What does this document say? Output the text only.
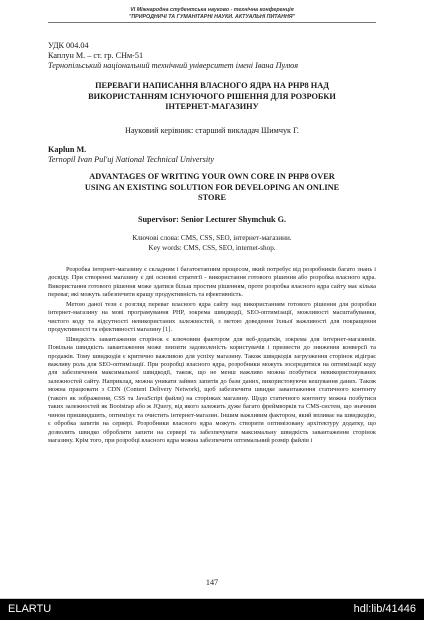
VI Міжнародна студентська науково - технічна конференція
"ПРИРОДНИЧІ ТА ГУМАНІТАРНІ НАУКИ. АКТУАЛЬНІ ПИТАННЯ"
УДК 004.04
Каплун М. – ст. гр. СНм-51
Тернопільський національний технічний університет імені Івана Пулюя
ПЕРЕВАГИ НАПИСАННЯ ВЛАСНОГО ЯДРА НА PHP8 НАД
ВИКОРИСТАННЯМ ІСНУЮЧОГО РІШЕННЯ ДЛЯ РОЗРОБКИ
ІНТЕРНЕТ-МАГАЗИНУ
Науковий керівник: старший викладач Шимчук Г.
Kaplun M.
Ternopil Ivan Pul'uj National Technical University
ADVANTAGES OF WRITING YOUR OWN CORE IN PHP8 OVER
USING AN EXISTING SOLUTION FOR DEVELOPING AN ONLINE
STORE
Supervisor: Senior Lecturer Shymchuk G.
Ключові слова: CMS, CSS, SEO, інтернет-магазини.
Key words: CMS, CSS, SEO, internet-shop.

Розробка інтернет-магазину є складним і багатоетапним процесом, який потребує від розробників багато знань і досвіду. При створенні магазину є дві основні стратегії - використання готового рішення або розробка власного ядра. Використання готового рішення може здатися більш простим рішенням, проте розробка власного ядра сайту має кілька переваг, які можуть забезпечити кращу продуктивність та ефективність.

Метою даної тези є розгляд переваг власного ядра сайту над використанням готового рішення для розробки інтернет-магазину на мові програмування PHP, зокрема швидкодії, SEO-оптимізації, можливості масштабування, чистого коду та відсутності невикористаних залежностей, з метою доведення їхньої важливості для покращення продуктивності та ефективності магазину [1].

Швидкість завантаження сторінок є ключовим фактором для веб-додатків, зокрема для інтернет-магазинів. Повільна швидкість завантаження може знизити задоволеність користувачів і призвести до зниження конверсії та продажів. Тому швидкодія є критично важливою для успіху магазину. Також швидкодія загрузження сторінок відіграє важливу роль для SEO-оптимізації. При розробці власного ядра, розробники можуть зосередитися на оптимізації коду для забезпечення максимальної швидкодії, також, що не менш важливо можна позбутися невикористовуваних залежностей сайту. Наприклад, можна уникати зайвих запитів до бази даних, використовуючи кешування даних. Також можна працювати з CDN (Content Delivery Network), щоб забезпечити швидке завантаження статичного контенту (такого як зображення, CSS та JavaScript файли) на сторінках магазину. Щодо статичного контенту можна позбутися таких залежностей як Bootstrap або ж JQuery, від якого залежить дуже багато фреймворків та CMS-систем, що значним чином пришвидшить, оптимізує та очистить інтернет-магазин. Іншим важливим фактором, який впливає на швидкодію, є обробка запитів на сервері. Розробники власного ядра можуть створити оптимізовану архітектуру додатку, що дозволить швидко обробляти запити на сервері та забезпечувати максимальну швидкість завантаження сторінок магазину. Крім того, при розробці власного ядра можна забезпечити оптимальний розмір файлів і

147
ELARTU	hdl:lib/41446
